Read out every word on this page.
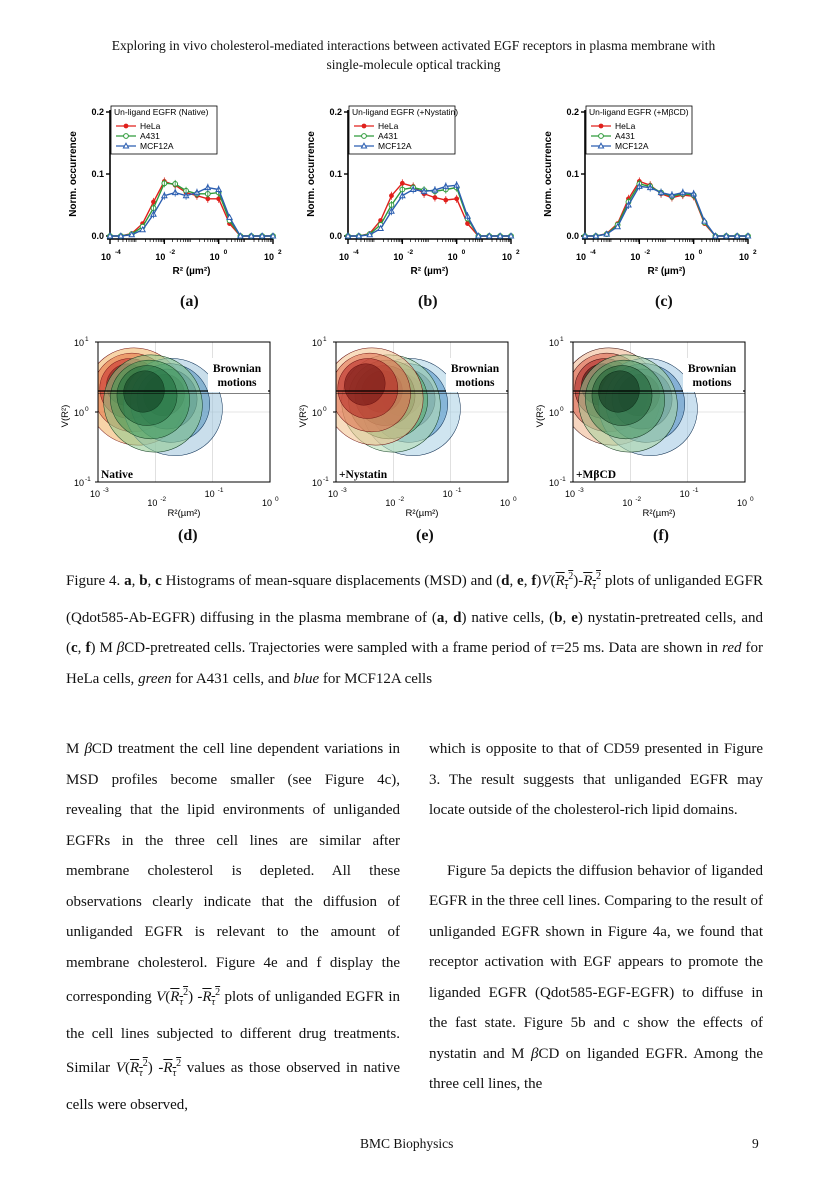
Exploring in vivo cholesterol-mediated interactions between activated EGF receptors in plasma membrane with
single-molecule optical tracking
0.0
0.1
0.2
10 -4	10 -2	10 0	10 2
Norm. occurrence
R² (µm²)
Un-ligand EGFR (Native)
HeLa
A431
MCF12A
0.0
0.1
0.2
10 -4	10 -2	10 0	10 2
Norm. occurrence
R² (µm²)
Un-ligand EGFR (+Nystatin)
HeLa
A431
MCF12A
0.0
0.1
0.2
10 -4	10 -2	10 0	10 2
Norm. occurrence
R² (µm²)
Un-ligand EGFR (+MβCD)
HeLa
A431
MCF12A
Brownian
motions
Native
10 1
10 0
10 -1
10 -3
10 -2
10 -1
10 0
V(R²)
R²(µm²)
Brownian
motions
+Nystatin
10 1
10 0
10 -1
10 -3
10 -2
10 -1
10 0
V(R²)
R²(µm²)
Brownian
motions
+MβCD
10 1
10 0
10 -1
10 -3
10 -2
10 -1
10 0
V(R²)
R²(µm²)
Figure 4. a, b, c Histograms of mean-square displacements (MSD) and (d, e, $f)V(R_\tau^2)-R_\tau^2$ plots of unliganded EGFR (Qdot585-Ab-EGFR) diffusing in the plasma membrane of (a, d) native cells, (b, e) nystatin-pretreated cells, and (c, f) M βCD-pretreated cells. Trajectories were sampled with a frame period of τ=25 ms. Data are shown in red for HeLa cells, green for A431 cells, and blue for MCF12A cells

M βCD treatment the cell line dependent variations in MSD profiles become smaller (see Figure 4c), revealing that the lipid environments of unliganded EGFRs in the three cell lines are similar after membrane cholesterol is depleted. All these observations clearly indicate that the diffusion of unliganded EGFR is relevant to the amount of membrane cholesterol. Figure 4e and f display the corresponding $V(R_\tau^2)$ $-R_\tau^2$ plots of unliganded EGFR in the cell lines subjected to different drug treatments. Similar $V(R_\tau^2)$ $-R_\tau^2$ values as those observed in native cells were observed,

which is opposite to that of CD59 presented in Figure 3. The result suggests that unliganded EGFR may locate outside of the cholesterol-rich lipid domains.

Figure 5a depicts the diffusion behavior of liganded EGFR in the three cell lines. Comparing to the result of unliganded EGFR shown in Figure 4a, we found that receptor activation with EGF appears to promote the liganded EGFR (Qdot585-EGF-EGFR) to diffuse in the fast state. Figure 5b and c show the effects of nystatin and M βCD on liganded EGFR. Among the three cell lines, the

BMC Biophysics	9
(a)	(b)	(c)
(d)	(e)	(f)
